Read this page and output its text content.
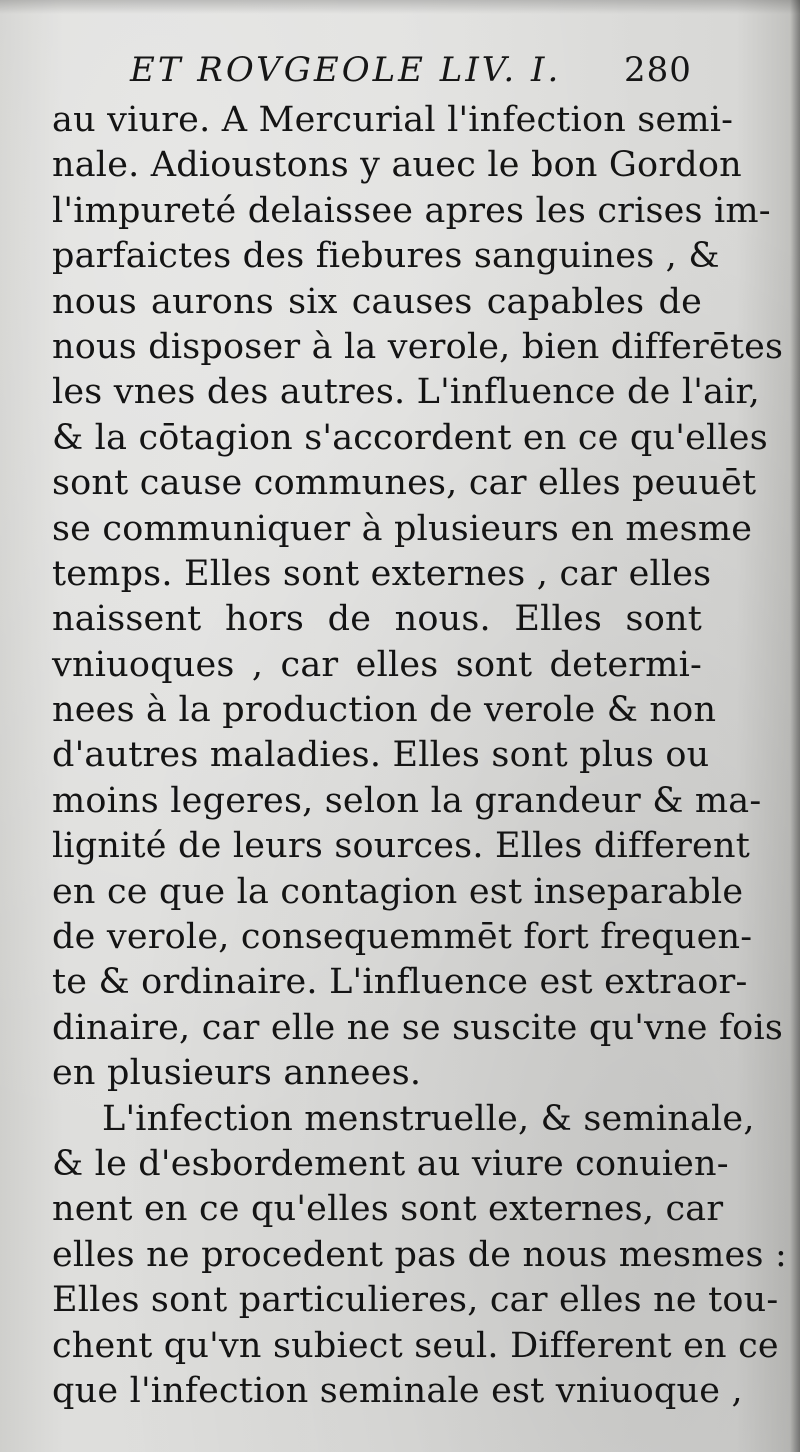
ET ROVGEOLE LIV. I. 280
au viure. A Mercurial l'infection semi-
nale. Adioustons y auec le bon Gordon
l'impureté delaissee apres les crises im-
parfaictes des fiebures sanguines , &
nous aurons six causes capables de
nous disposer à la verole, bien differētes
les vnes des autres. L'influence de l'air,
& la cōtagion s'accordent en ce qu'elles
sont cause communes, car elles peuuēt
se communiquer à plusieurs en mesme
temps. Elles sont externes , car elles
naissent hors de nous. Elles sont
vniuoques , car elles sont determi-
nees à la production de verole & non
d'autres maladies. Elles sont plus ou
moins legeres, selon la grandeur & ma-
lignité de leurs sources. Elles different
en ce que la contagion est inseparable
de verole, consequemmēt fort frequen-
te & ordinaire. L'influence est extraor-
dinaire, car elle ne se suscite qu'vne fois
en plusieurs annees.
L'infection menstruelle, & seminale,
& le d'esbordement au viure conuien-
nent en ce qu'elles sont externes, car
elles ne procedent pas de nous mesmes :
Elles sont particulieres, car elles ne tou-
chent qu'vn subiect seul. Different en ce
que l'infection seminale est vniuoque ,
